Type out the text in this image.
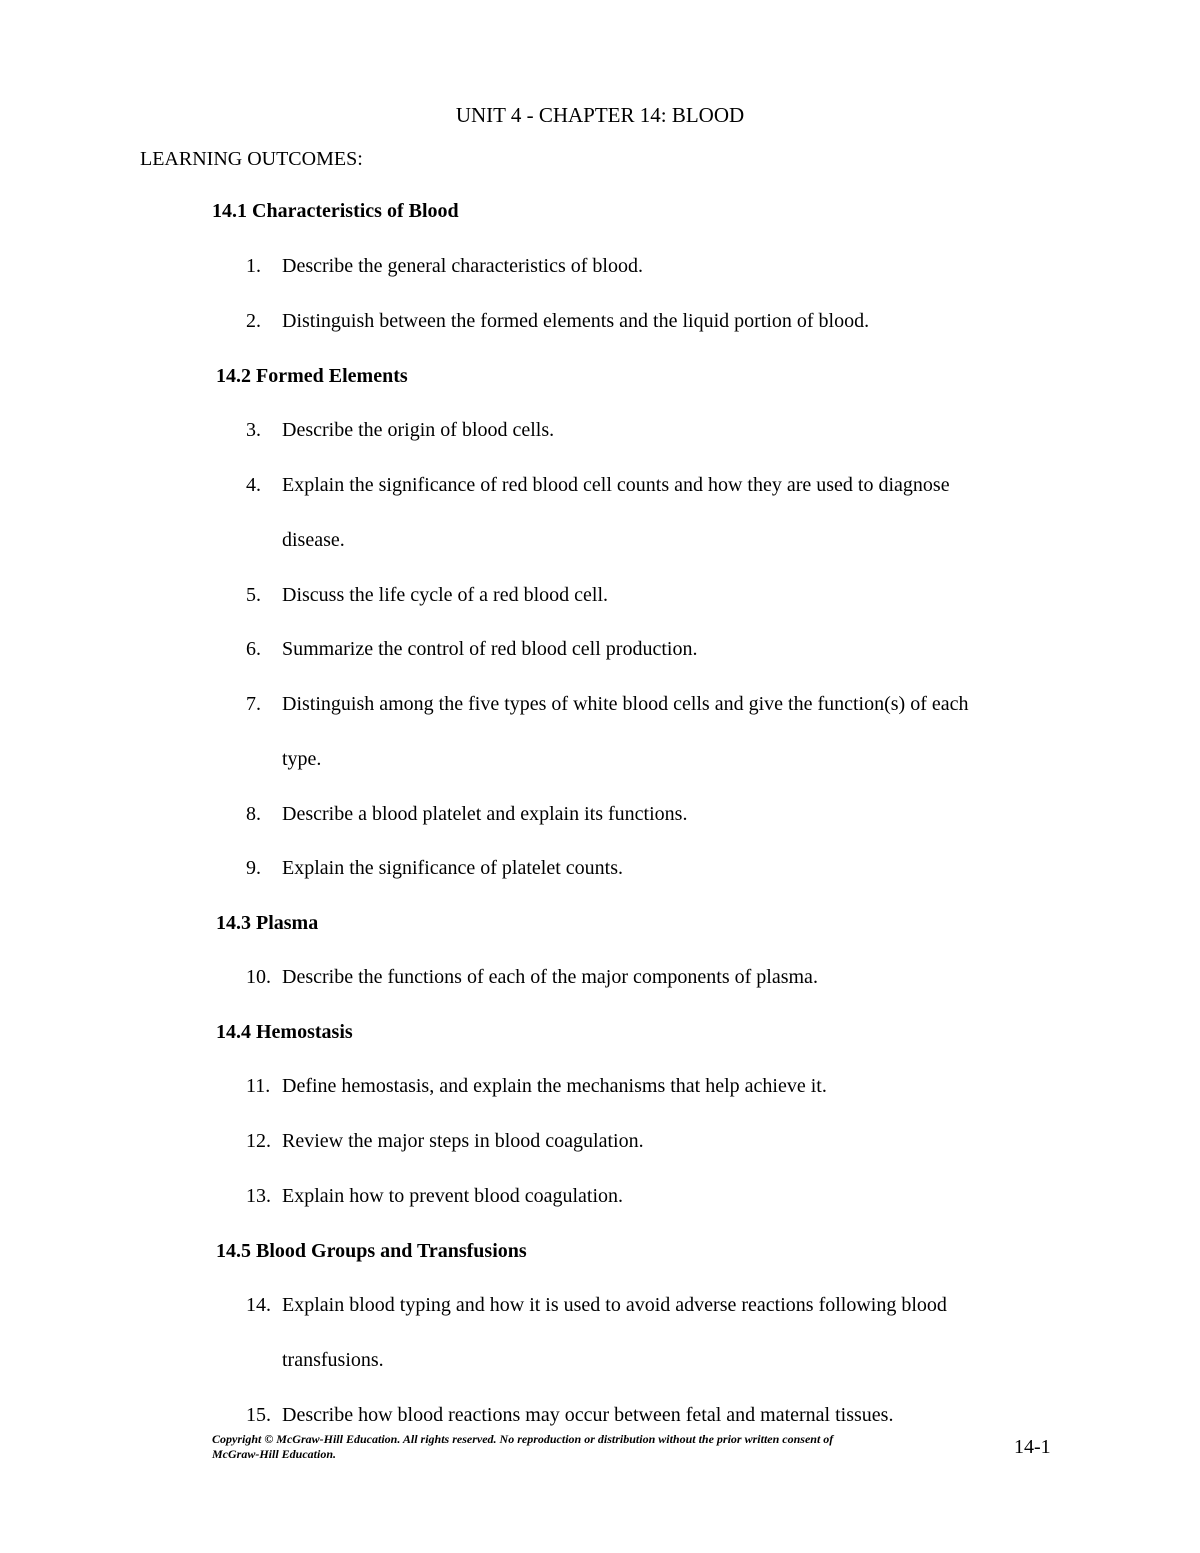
UNIT 4 - CHAPTER 14: BLOOD
LEARNING OUTCOMES:
14.1 Characteristics of Blood
1. Describe the general characteristics of blood.
2. Distinguish between the formed elements and the liquid portion of blood.
14.2 Formed Elements
3. Describe the origin of blood cells.
4. Explain the significance of red blood cell counts and how they are used to diagnose
disease.
5. Discuss the life cycle of a red blood cell.
6. Summarize the control of red blood cell production.
7. Distinguish among the five types of white blood cells and give the function(s) of each
type.
8. Describe a blood platelet and explain its functions.
9. Explain the significance of platelet counts.
14.3 Plasma
10. Describe the functions of each of the major components of plasma.
14.4 Hemostasis
11. Define hemostasis, and explain the mechanisms that help achieve it.
12. Review the major steps in blood coagulation.
13. Explain how to prevent blood coagulation.
14.5 Blood Groups and Transfusions
14. Explain blood typing and how it is used to avoid adverse reactions following blood
transfusions.
15. Describe how blood reactions may occur between fetal and maternal tissues.
Copyright © McGraw-Hill Education. All rights reserved. No reproduction or distribution without the prior written consent of
McGraw-Hill Education.	14-1
